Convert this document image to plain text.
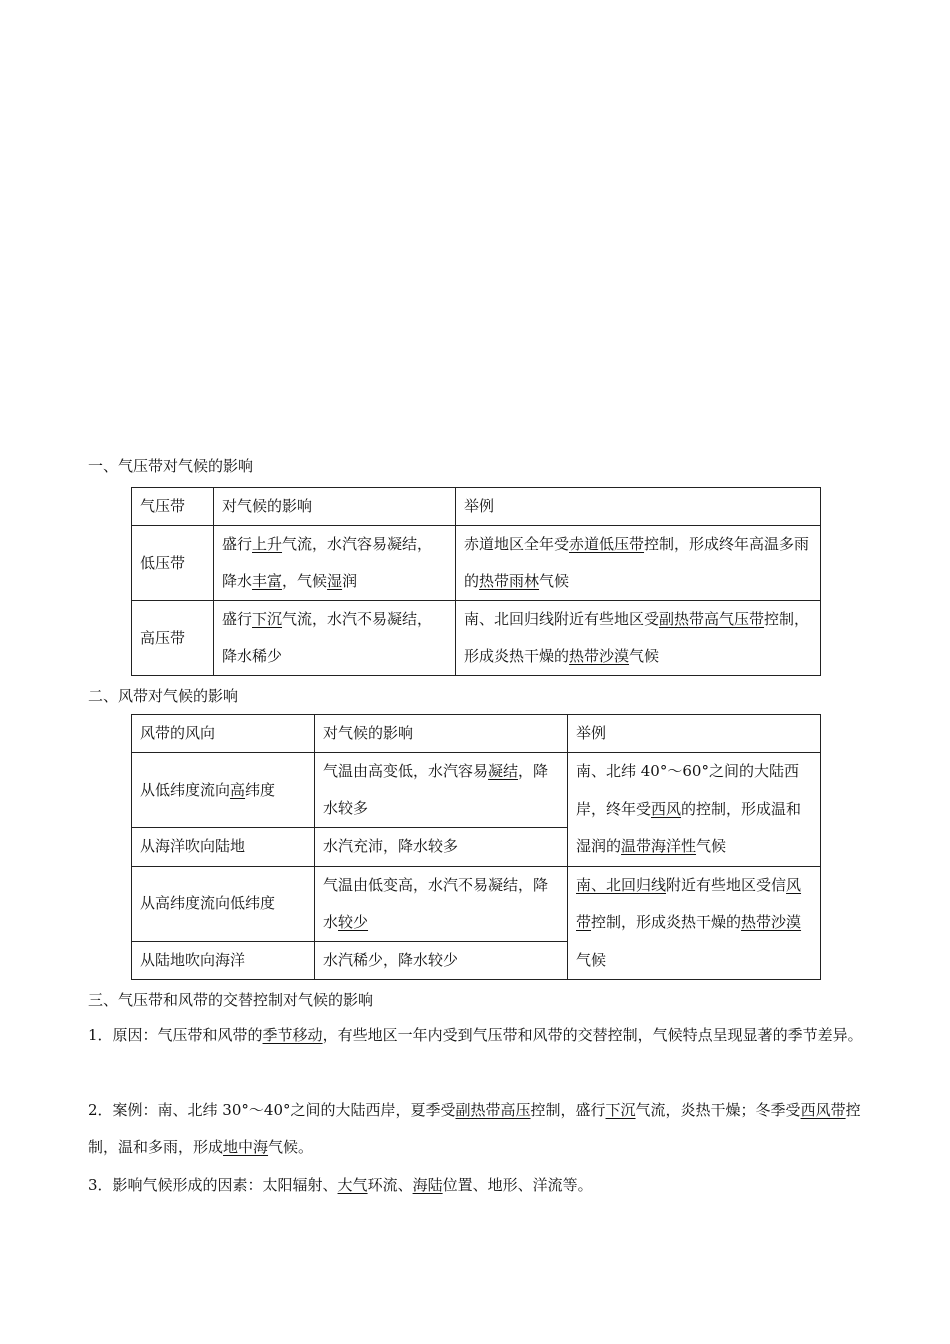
一、气压带对气候的影响
气压带	对气候的影响	举例
低压带	盛行上升气流，水汽容易凝结，降水丰富，气候湿润	赤道地区全年受赤道低压带控制，形成终年高温多雨的热带雨林气候
高压带	盛行下沉气流，水汽不易凝结，降水稀少	南、北回归线附近有些地区受副热带高气压带控制，形成炎热干燥的热带沙漠气候
二、风带对气候的影响
风带的风向	对气候的影响	举例
从低纬度流向高纬度	气温由高变低，水汽容易凝结，降水较多	南、北纬 40°～60°之间的大陆西岸，终年受西风的控制，形成温和湿润的温带海洋性气候
从海洋吹向陆地	水汽充沛，降水较多	
从高纬度流向低纬度	气温由低变高，水汽不易凝结，降水较少	南、北回归线附近有些地区受信风带控制，形成炎热干燥的热带沙漠气候
从陆地吹向海洋	水汽稀少，降水较少	
三、气压带和风带的交替控制对气候的影响
1．原因：气压带和风带的季节移动，有些地区一年内受到气压带和风带的交替控制，气候特点呈现显著的季节差异。
2．案例：南、北纬 30°～40°之间的大陆西岸，夏季受副热带高压控制，盛行下沉气流，炎热干燥；冬季受西风带控制，温和多雨，形成地中海气候。
3．影响气候形成的因素：太阳辐射、大气环流、海陆位置、地形、洋流等。
